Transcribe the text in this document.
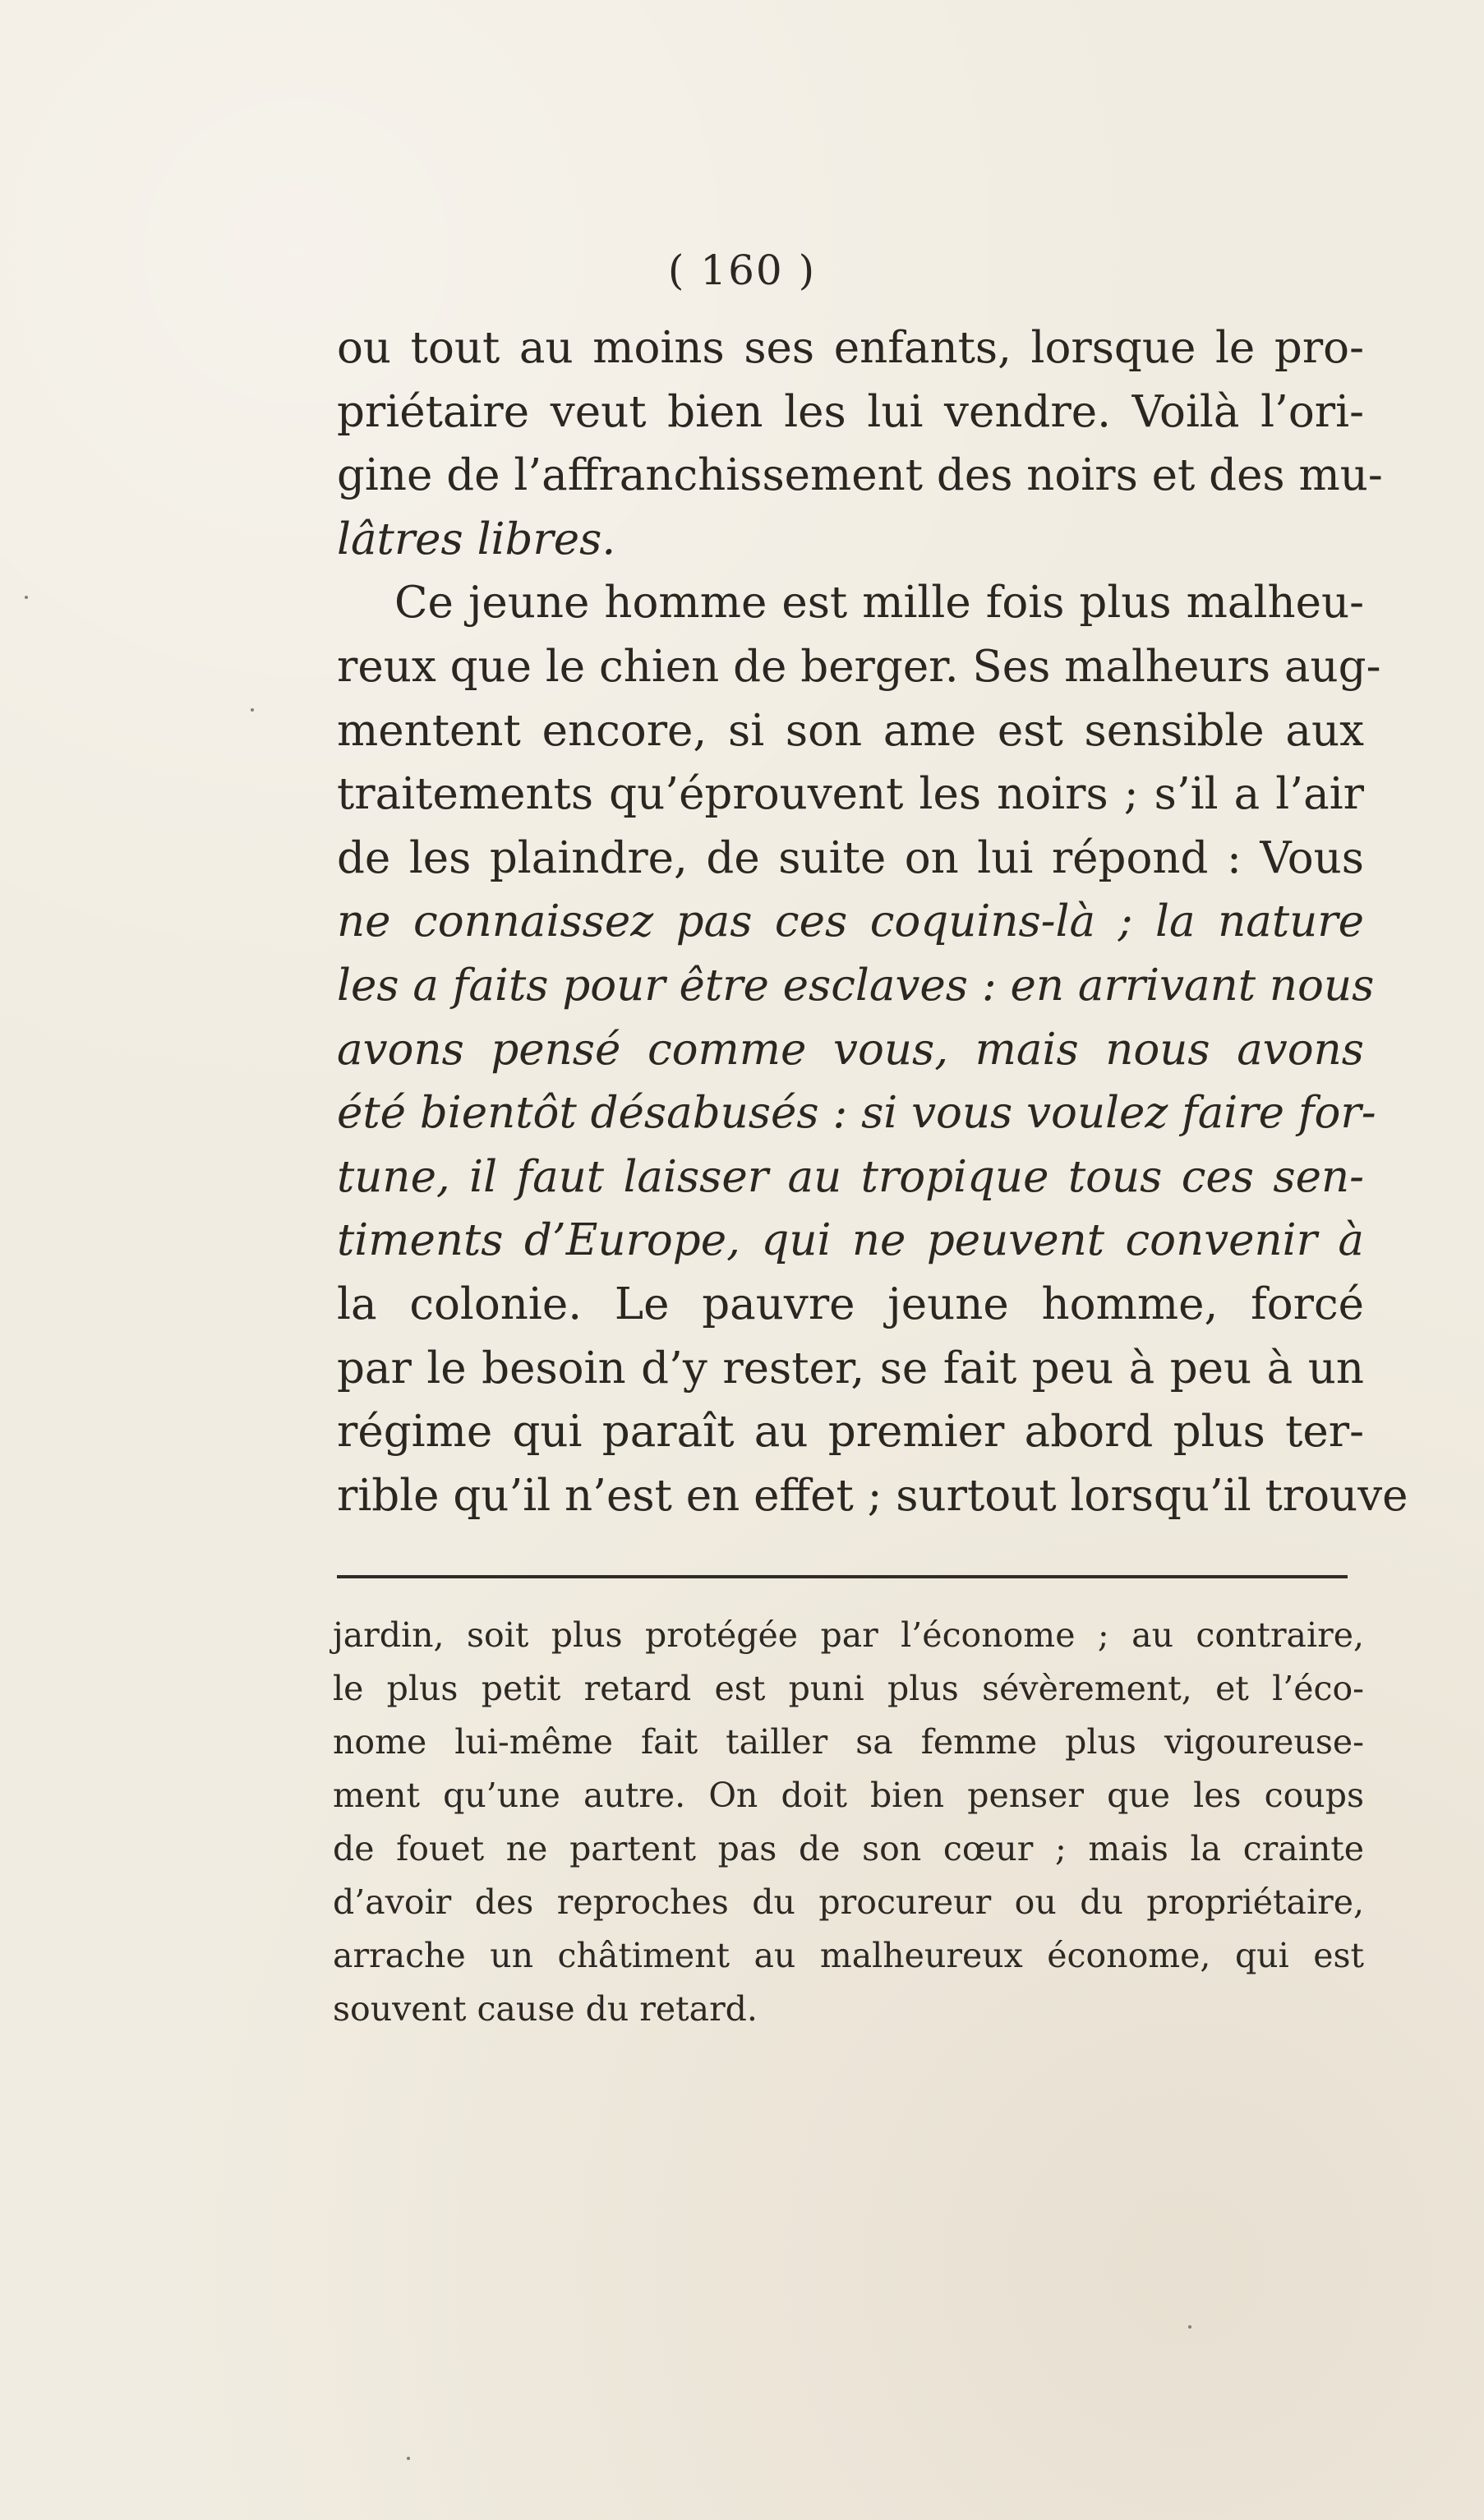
( 160 )
ou tout au moins ses enfants, lorsque le pro-
priétaire veut bien les lui vendre. Voilà l’ori-
gine de l’affranchissement des noirs et des mu-
lâtres libres.
Ce jeune homme est mille fois plus malheu-
reux que le chien de berger. Ses malheurs aug-
mentent encore, si son ame est sensible aux
traitements qu’éprouvent les noirs ; s’il a l’air
de les plaindre, de suite on lui répond : Vous
ne connaissez pas ces coquins-là ; la nature
les a faits pour être esclaves : en arrivant nous
avons pensé comme vous, mais nous avons
été bientôt désabusés : si vous voulez faire for-
tune, il faut laisser au tropique tous ces sen-
timents d’Europe, qui ne peuvent convenir à
la colonie. Le pauvre jeune homme, forcé
par le besoin d’y rester, se fait peu à peu à un
régime qui paraît au premier abord plus ter-
rible qu’il n’est en effet ; surtout lorsqu’il trouve
jardin, soit plus protégée par l’économe ; au contraire,
le plus petit retard est puni plus sévèrement, et l’éco-
nome lui-même fait tailler sa femme plus vigoureuse-
ment qu’une autre. On doit bien penser que les coups
de fouet ne partent pas de son cœur ; mais la crainte
d’avoir des reproches du procureur ou du propriétaire,
arrache un châtiment au malheureux économe, qui est
souvent cause du retard.
